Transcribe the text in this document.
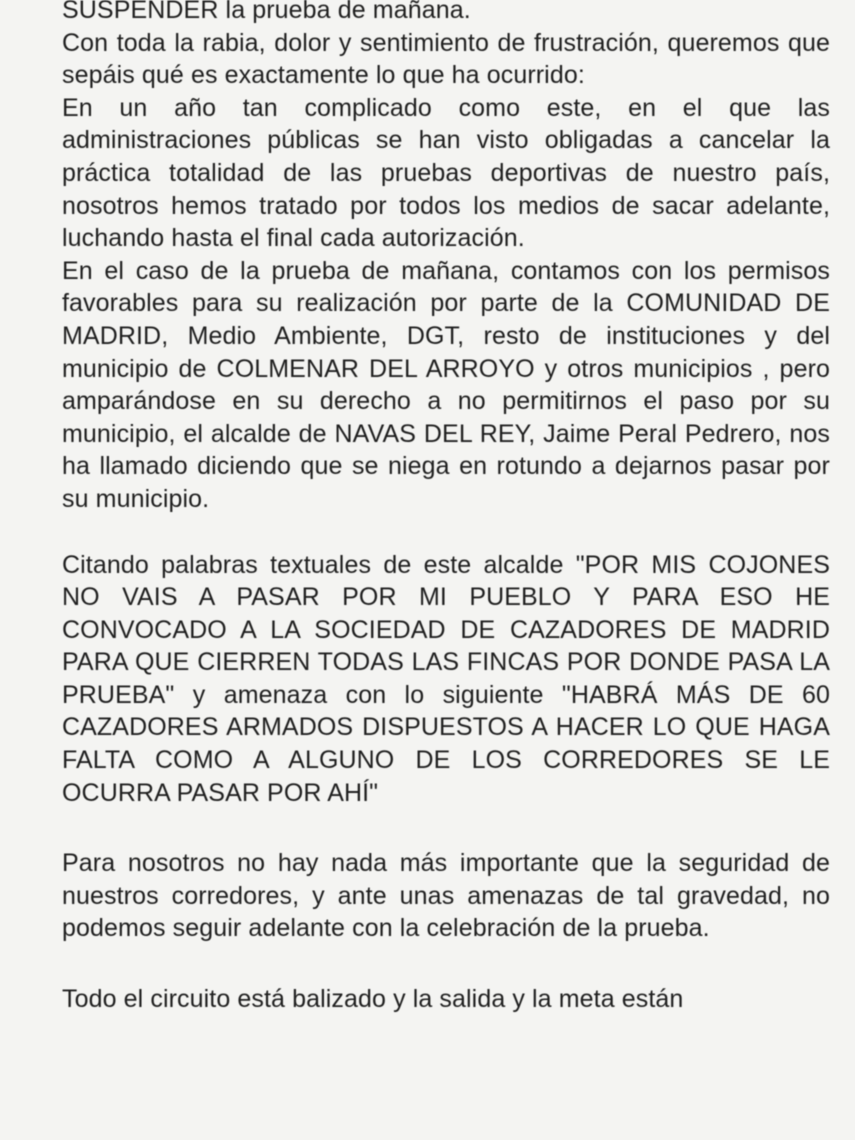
SUSPENDER la prueba de mañana.

Con toda la rabia, dolor y sentimiento de frustración, queremos que sepáis qué es exactamente lo que ha ocurrido:

En un año tan complicado como este, en el que las administraciones públicas se han visto obligadas a cancelar la práctica totalidad de las pruebas deportivas de nuestro país, nosotros hemos tratado por todos los medios de sacar adelante, luchando hasta el final cada autorización.

En el caso de la prueba de mañana, contamos con los permisos favorables para su realización por parte de la COMUNIDAD DE MADRID, Medio Ambiente, DGT, resto de instituciones y del municipio de COLMENAR DEL ARROYO y otros municipios , pero amparándose en su derecho a no permitirnos el paso por su municipio, el alcalde de NAVAS DEL REY, Jaime Peral Pedrero, nos ha llamado diciendo que se niega en rotundo a dejarnos pasar por su municipio.

Citando palabras textuales de este alcalde "POR MIS COJONES NO VAIS A PASAR POR MI PUEBLO Y PARA ESO HE CONVOCADO A LA SOCIEDAD DE CAZADORES DE MADRID PARA QUE CIERREN TODAS LAS FINCAS POR DONDE PASA LA PRUEBA" y amenaza con lo siguiente "HABRÁ MÁS DE 60 CAZADORES ARMADOS DISPUESTOS A HACER LO QUE HAGA FALTA COMO A ALGUNO DE LOS CORREDORES SE LE OCURRA PASAR POR AHÍ"

Para nosotros no hay nada más importante que la seguridad de nuestros corredores, y ante unas amenazas de tal gravedad, no podemos seguir adelante con la celebración de la prueba.

Todo el circuito está balizado y la salida y la meta están
